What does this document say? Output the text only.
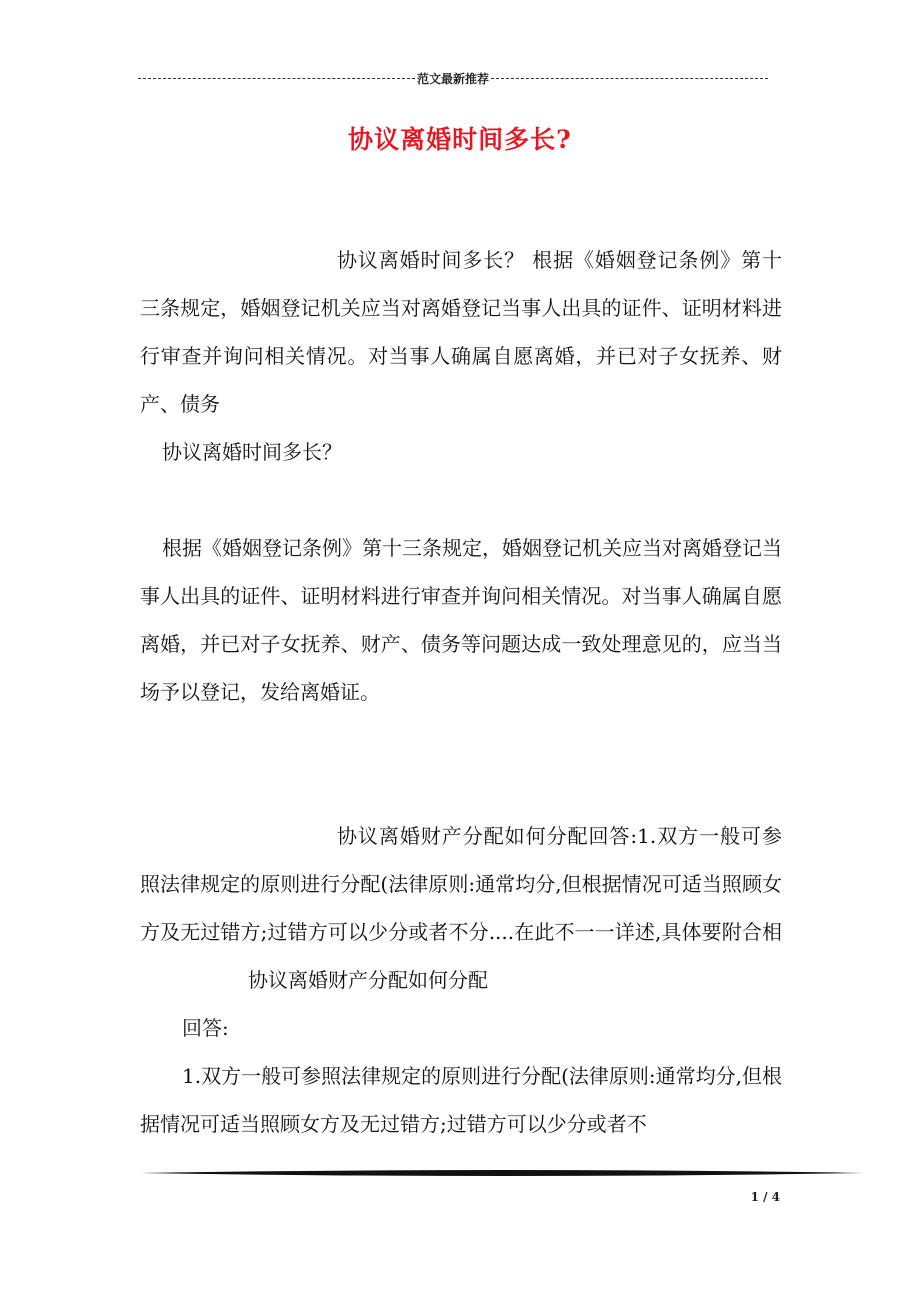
范文最新推荐
协议离婚时间多长?

协议离婚时间多长？ 根据《婚姻登记条例》第十三条规定，婚姻登记机关应当对离婚登记当事人出具的证件、证明材料进行审查并询问相关情况。对当事人确属自愿离婚，并已对子女抚养、财产、债务

协议离婚时间多长？

根据《婚姻登记条例》第十三条规定，婚姻登记机关应当对离婚登记当事人出具的证件、证明材料进行审查并询问相关情况。对当事人确属自愿离婚，并已对子女抚养、财产、债务等问题达成一致处理意见的，应当当场予以登记，发给离婚证。

协议离婚财产分配如何分配回答:1.双方一般可参照法律规定的原则进行分配(法律原则:通常均分,但根据情况可适当照顾女方及无过错方;过错方可以少分或者不分....在此不一一详述,具体要附合相协议离婚财产分配如何分配

回答:

1.双方一般可参照法律规定的原则进行分配(法律原则:通常均分,但根据情况可适当照顾女方及无过错方;过错方可以少分或者不

1 / 4
